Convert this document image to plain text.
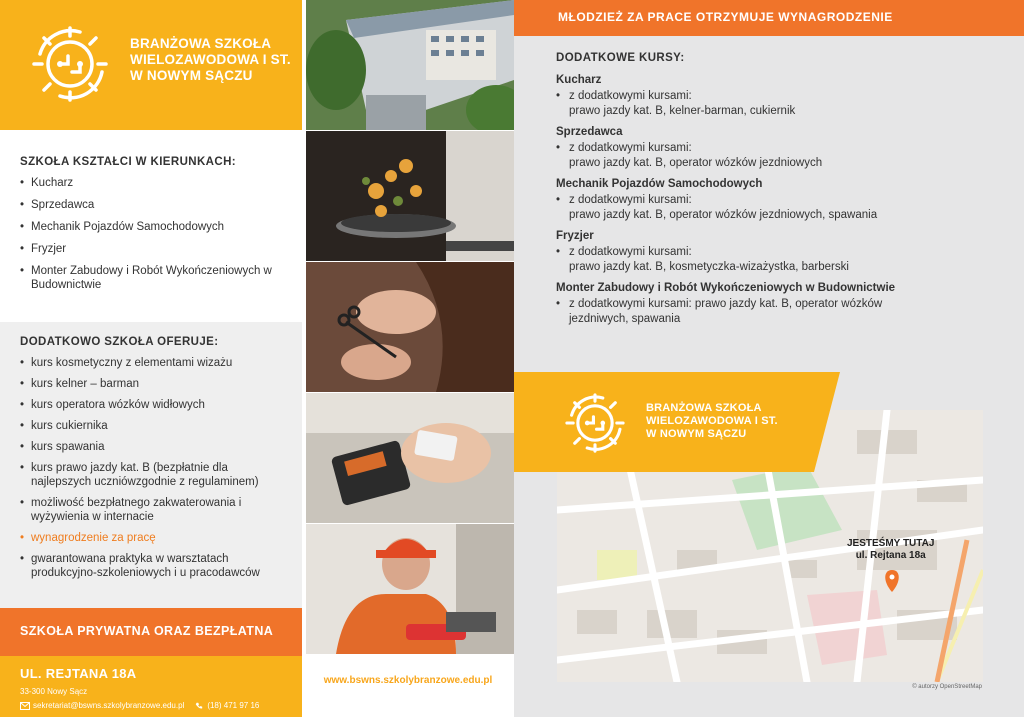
BRANŻOWA SZKOŁA
WIELOZAWODOWA I ST.
W NOWYM SĄCZU
SZKOŁA KSZTAŁCI W KIERUNKACH:
• Kucharz
• Sprzedawca
• Mechanik Pojazdów Samochodowych
• Fryzjer
• Monter Zabudowy i Robót Wykończeniowych w Budownictwie
DODATKOWO SZKOŁA OFERUJE:
• kurs kosmetyczny z elementami wizażu
• kurs kelner – barman
• kurs operatora wózków widłowych
• kurs cukiernika
• kurs spawania
• kurs prawo jazdy kat. B (bezpłatnie dla najlepszych uczniówzgodnie z regulaminem)
• możliwość bezpłatnego zakwaterowania i wyżywienia w internacie
• wynagrodzenie za pracę
• gwarantowana praktyka w warsztatach produkcyjno-szkoleniowych i u pracodawców
SZKOŁA PRYWATNA ORAZ BEZPŁATNA
UL. REJTANA 18A
33-300 Nowy Sącz
sekretariat@bswns.szkolybranzowe.edu.pl	(18) 471 97 16
www.bswns.szkolybranzowe.edu.pl
MŁODZIEŻ ZA PRACE OTRZYMUJE WYNAGRODZENIE
DODATKOWE KURSY:
Kucharz
• z dodatkowymi kursami:
prawo jazdy kat. B, kelner-barman, cukiernik
Sprzedawca
• z dodatkowymi kursami:
prawo jazdy kat. B, operator wózków jezdniowych
Mechanik Pojazdów Samochodowych
• z dodatkowymi kursami:
prawo jazdy kat. B, operator wózków jezdniowych, spawania
Fryzjer
• z dodatkowymi kursami:
prawo jazdy kat. B, kosmetyczka-wizażystka, barberski
Monter Zabudowy i Robót Wykończeniowych w Budownictwie
• z dodatkowymi kursami: prawo jazdy kat. B, operator wózków
jezdniwych, spawania
JESTEŚMY TUTAJ
ul. Rejtana 18a
BRANŻOWA SZKOŁA
WIELOZAWODOWA I ST.
W NOWYM SĄCZU
© autorzy OpenStreetMap
